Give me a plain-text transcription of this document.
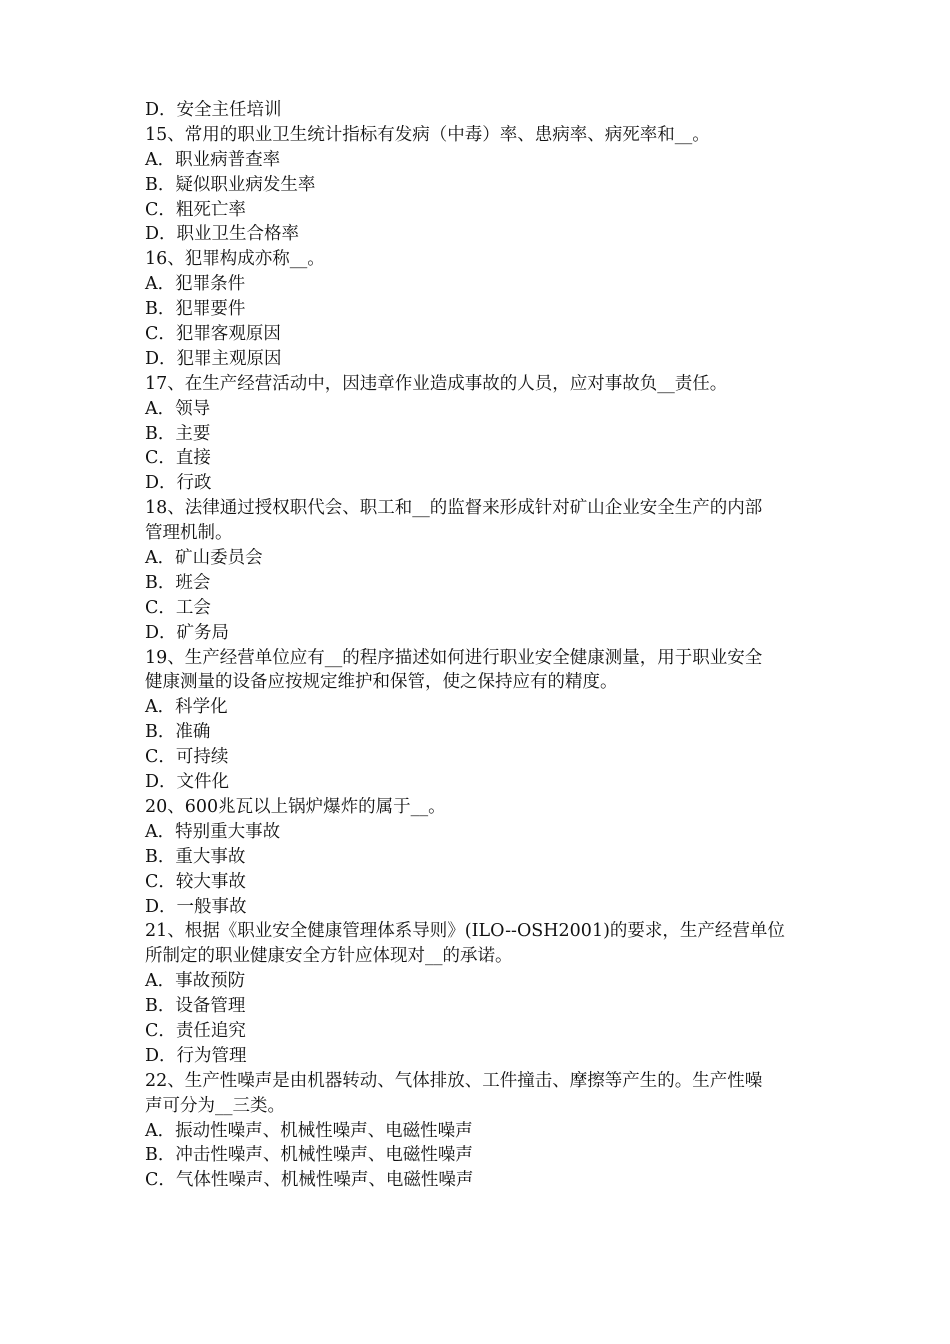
D．安全主任培训
15、常用的职业卫生统计指标有发病（中毒）率、患病率、病死率和__。
A．职业病普查率
B．疑似职业病发生率
C．粗死亡率
D．职业卫生合格率
16、犯罪构成亦称__。
A．犯罪条件
B．犯罪要件
C．犯罪客观原因
D．犯罪主观原因
17、在生产经营活动中，因违章作业造成事故的人员，应对事故负__责任。
A．领导
B．主要
C．直接
D．行政
18、法律通过授权职代会、职工和__的监督来形成针对矿山企业安全生产的内部
管理机制。
A．矿山委员会
B．班会
C．工会
D．矿务局
19、生产经营单位应有__的程序描述如何进行职业安全健康测量，用于职业安全
健康测量的设备应按规定维护和保管，使之保持应有的精度。
A．科学化
B．准确
C．可持续
D．文件化
20、600兆瓦以上锅炉爆炸的属于__。
A．特别重大事故
B．重大事故
C．较大事故
D．一般事故
21、根据《职业安全健康管理体系导则》(ILO--OSH2001)的要求，生产经营单位
所制定的职业健康安全方针应体现对__的承诺。
A．事故预防
B．设备管理
C．责任追究
D．行为管理
22、生产性噪声是由机器转动、气体排放、工件撞击、摩擦等产生的。生产性噪
声可分为__三类。
A．振动性噪声、机械性噪声、电磁性噪声
B．冲击性噪声、机械性噪声、电磁性噪声
C．气体性噪声、机械性噪声、电磁性噪声
